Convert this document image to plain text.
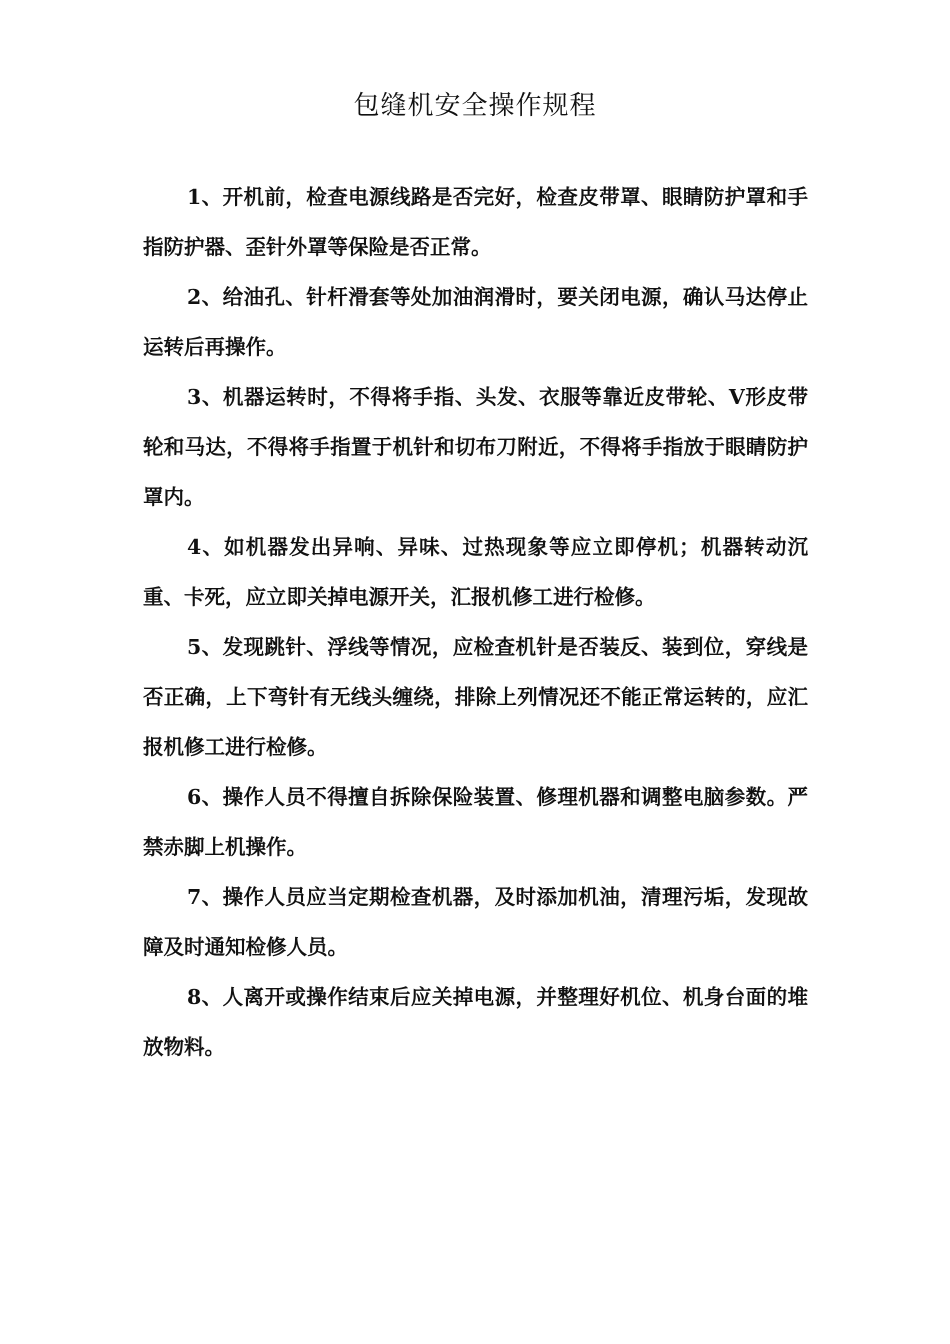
包缝机安全操作规程
1、开机前，检查电源线路是否完好，检查皮带罩、眼睛防护罩和手指防护器、歪针外罩等保险是否正常。
2、给油孔、针杆滑套等处加油润滑时，要关闭电源，确认马达停止运转后再操作。
3、机器运转时，不得将手指、头发、衣服等靠近皮带轮、V形皮带轮和马达，不得将手指置于机针和切布刀附近，不得将手指放于眼睛防护罩内。
4、如机器发出异响、异味、过热现象等应立即停机；机器转动沉重、卡死，应立即关掉电源开关，汇报机修工进行检修。
5、发现跳针、浮线等情况，应检查机针是否装反、装到位，穿线是否正确，上下弯针有无线头缠绕，排除上列情况还不能正常运转的，应汇报机修工进行检修。
6、操作人员不得擅自拆除保险装置、修理机器和调整电脑参数。严禁赤脚上机操作。
7、操作人员应当定期检查机器，及时添加机油，清理污垢，发现故障及时通知检修人员。
8、人离开或操作结束后应关掉电源，并整理好机位、机身台面的堆放物料。
